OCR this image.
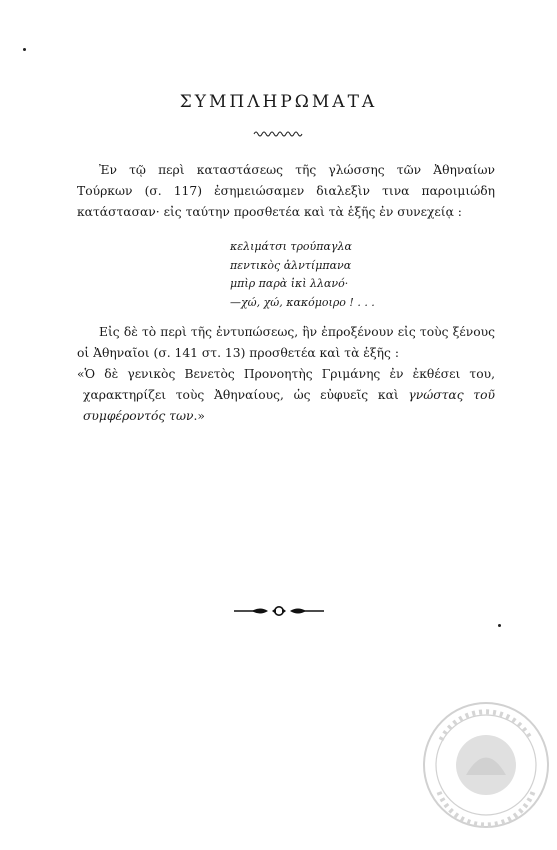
ΣΥΜΠΛΗΡΩΜΑΤΑ

Ἐν τῷ περὶ καταστάσεως τῆς γλώσσης τῶν Ἀθηναίων Τούρκων (σ. 117) ἐσημειώσαμεν διαλεξὶν τινα παροιμιώδη κατάστασαν· εἰς ταύτην προσθετέα καὶ τὰ ἑξῆς ἐν συνεχείᾳ :

κελιμάτσι τρούπαγλα
πεντικὸς ἀλντίμπανα
μπὶρ παρὰ ἰκὶ λλανό·
—χώ, χώ, κακόμοιρο ! . . .

Εἰς δὲ τὸ περὶ τῆς ἐντυπώσεως, ἣν ἐπροξένουν εἰς τοὺς ξένους οἱ Ἀθηναῖοι (σ. 141 στ. 13) προσθετέα καὶ τὰ ἑξῆς :

«Ὁ δὲ γενικὸς Βενετὸς Προνοητὴς Γριμάνης ἐν ἐκθέσει του, χαρακτηρίζει τοὺς Ἀθηναίους, ὡς εὐφυεῖς καὶ γνώστας τοῦ συμφέροντός των.»
